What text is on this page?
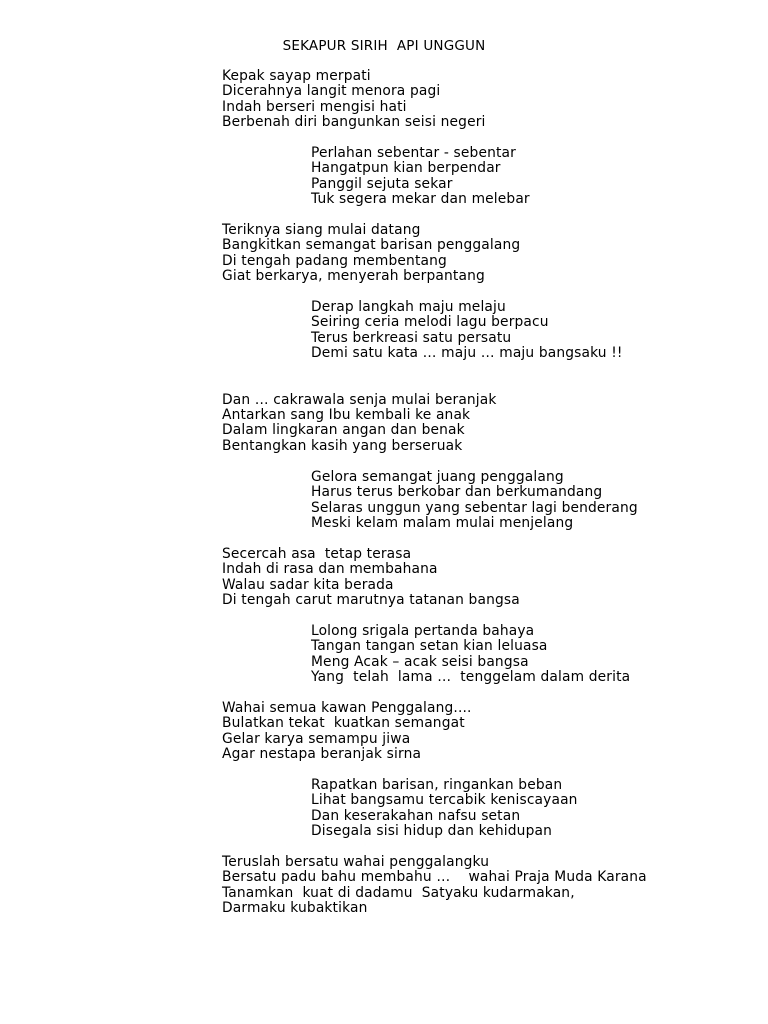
SEKAPUR SIRIH  API UNGGUN
Kepak sayap merpati
Dicerahnya langit menora pagi
Indah berseri mengisi hati
Berbenah diri bangunkan seisi negeri
Perlahan sebentar - sebentar
Hangatpun kian berpendar
Panggil sejuta sekar
Tuk segera mekar dan melebar
Teriknya siang mulai datang
Bangkitkan semangat barisan penggalang
Di tengah padang membentang
Giat berkarya, menyerah berpantang
Derap langkah maju melaju
Seiring ceria melodi lagu berpacu
Terus berkreasi satu persatu
Demi satu kata … maju … maju bangsaku !!
Dan … cakrawala senja mulai beranjak
Antarkan sang Ibu kembali ke anak
Dalam lingkaran angan dan benak
Bentangkan kasih yang berseruak
Gelora semangat juang penggalang
Harus terus berkobar dan berkumandang
Selaras unggun yang sebentar lagi benderang
Meski kelam malam mulai menjelang
Secercah asa  tetap terasa
Indah di rasa dan membahana
Walau sadar kita berada
Di tengah carut marutnya tatanan bangsa
Lolong srigala pertanda bahaya
Tangan tangan setan kian leluasa
Meng Acak – acak seisi bangsa
Yang  telah  lama …  tenggelam dalam derita
Wahai semua kawan Penggalang....
Bulatkan tekat  kuatkan semangat
Gelar karya semampu jiwa
Agar nestapa beranjak sirna
Rapatkan barisan, ringankan beban
Lihat bangsamu tercabik keniscayaan
Dan keserakahan nafsu setan
Disegala sisi hidup dan kehidupan
Teruslah bersatu wahai penggalangku
Bersatu padu bahu membahu …    wahai Praja Muda Karana
Tanamkan  kuat di dadamu  Satyaku kudarmakan,
Darmaku kubaktikan
